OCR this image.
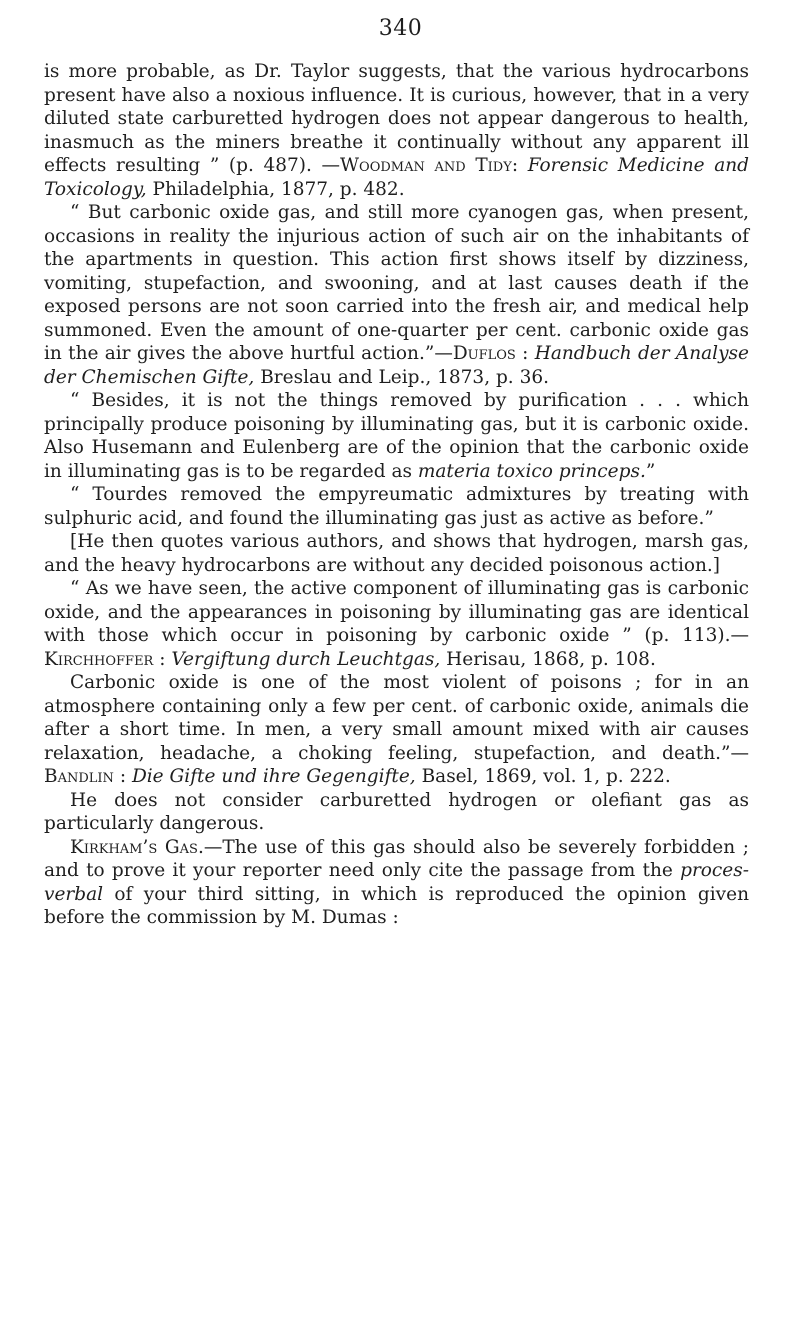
340

is more probable, as Dr. Taylor suggests, that the various hydrocarbons present have also a noxious influence. It is curious, however, that in a very diluted state carburetted hydrogen does not appear dangerous to health, inasmuch as the miners breathe it continually without any apparent ill effects resulting ” (p. 487). —Woodman and Tidy: Forensic Medicine and Toxicology, Philadelphia, 1877, p. 482.

“ But carbonic oxide gas, and still more cyanogen gas, when present, occasions in reality the injurious action of such air on the inhabitants of the apartments in question. This action first shows itself by dizziness, vomiting, stupefaction, and swooning, and at last causes death if the exposed persons are not soon carried into the fresh air, and medical help summoned. Even the amount of one-quarter per cent. carbonic oxide gas in the air gives the above hurtful action.”—Duflos : Handbuch der Analyse der Chemischen Gifte, Breslau and Leip., 1873, p. 36.

“ Besides, it is not the things removed by purification . . . which principally produce poisoning by illuminating gas, but it is carbonic oxide. Also Husemann and Eulenberg are of the opinion that the carbonic oxide in illuminating gas is to be regarded as materia toxico princeps.”

“ Tourdes removed the empyreumatic admixtures by treating with sulphuric acid, and found the illuminating gas just as active as before.”

[He then quotes various authors, and shows that hydrogen, marsh gas, and the heavy hydrocarbons are without any decided poisonous action.]

“ As we have seen, the active component of illuminating gas is carbonic oxide, and the appearances in poisoning by illuminating gas are identical with those which occur in poisoning by carbonic oxide ” (p. 113).—Kirchhoffer : Vergiftung durch Leuchtgas, Herisau, 1868, p. 108.

Carbonic oxide is one of the most violent of poisons ; for in an atmosphere containing only a few per cent. of carbonic oxide, animals die after a short time. In men, a very small amount mixed with air causes relaxation, headache, a choking feeling, stupefaction, and death.”—Bandlin : Die Gifte und ihre Gegengifte, Basel, 1869, vol. 1, p. 222.

He does not consider carburetted hydrogen or olefiant gas as particularly dangerous.

Kirkham’s Gas.—The use of this gas should also be severely forbidden ; and to prove it your reporter need only cite the passage from the proces-verbal of your third sitting, in which is reproduced the opinion given before the commission by M. Dumas :
